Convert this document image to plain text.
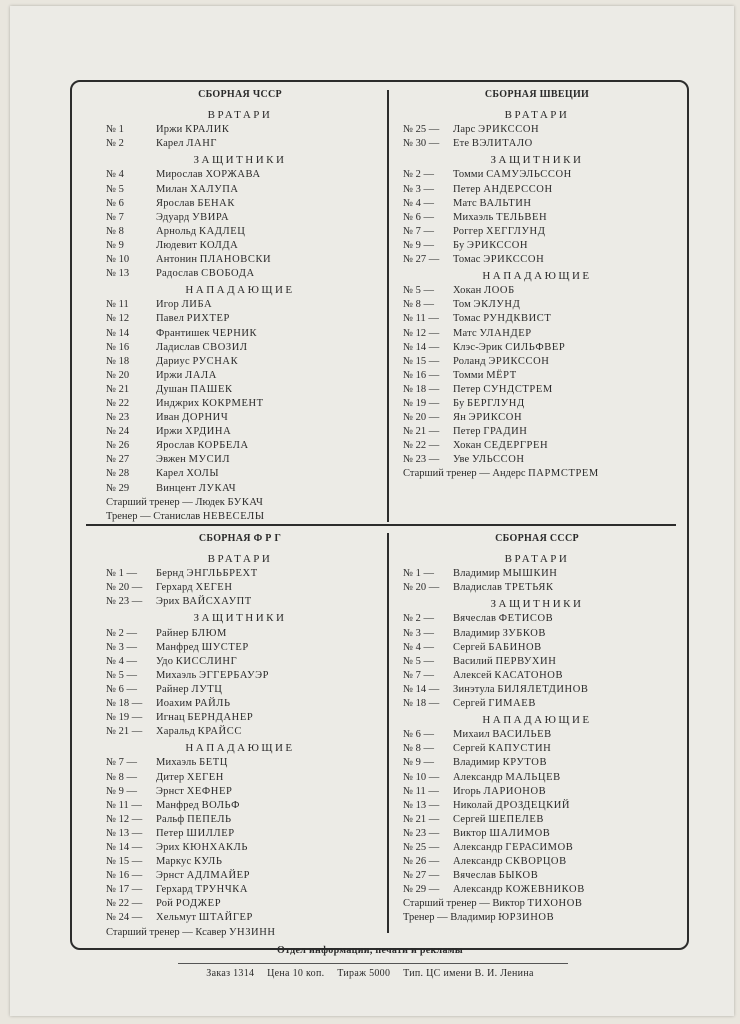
СБОРНАЯ ЧССР
ВРАТАРИ
№ 1	Иржи КРАЛИК
№ 2	Карел ЛАНГ
ЗАЩИТНИКИ
№ 4	Мирослав ХОРЖАВА
№ 5	Милан ХАЛУПА
№ 6	Ярослав БЕНАК
№ 7	Эдуард УВИРА
№ 8	Арнольд КАДЛЕЦ
№ 9	Людевит КОЛДА
№ 10	Антонин ПЛАНОВСКИ
№ 13	Радослав СВОБОДА
НАПАДАЮЩИЕ
№ 11	Игор ЛИБА
№ 12	Павел РИХТЕР
№ 14	Франтишек ЧЕРНИК
№ 16	Ладислав СВОЗИЛ
№ 18	Дариус РУСНАК
№ 20	Иржи ЛАЛА
№ 21	Душан ПАШЕК
№ 22	Инджрих КОКРМЕНТ
№ 23	Иван ДОРНИЧ
№ 24	Иржи ХРДИНА
№ 26	Ярослав КОРБЕЛА
№ 27	Эвжен МУСИЛ
№ 28	Карел ХОЛЫ
№ 29	Винцент ЛУКАЧ
Старший тренер — Людек БУКАЧ
Тренер — Станислав НЕВЕСЕЛЫ
СБОРНАЯ ШВЕЦИИ
ВРАТАРИ
№ 25 — Ларс ЭРИКССОН
№ 30 — Ете ВЭЛИТАЛО
ЗАЩИТНИКИ
№ 2 — Томми САМУЭЛЬССОН
№ 3 — Петер АНДЕРССОН
№ 4 — Матс ВАЛЬТИН
№ 6 — Михаэль ТЕЛЬВЕН
№ 7 — Роггер ХЕГГЛУНД
№ 9 — Бу ЭРИКССОН
№ 27 — Томас ЭРИКССОН
НАПАДАЮЩИЕ
№ 5 — Хокан ЛООБ
№ 8 — Том ЭКЛУНД
№ 11 — Томас РУНДКВИСТ
№ 12 — Матс УЛАНДЕР
№ 14 — Клэс-Эрик СИЛЬФВЕР
№ 15 — Роланд ЭРИКССОН
№ 16 — Томми МЁРТ
№ 18 — Петер СУНДСТРЕМ
№ 19 — Бу БЕРГЛУНД
№ 20 — Ян ЭРИКСОН
№ 21 — Петер ГРАДИН
№ 22 — Хокан СЕДЕРГРЕН
№ 23 — Уве УЛЬССОН
Старший тренер — Андерс ПАРМСТРЕМ
СБОРНАЯ Ф Р Г
ВРАТАРИ
№ 1 — Бернд ЭНГЛЬБРЕХТ
№ 20 — Герхард ХЕГЕН
№ 23 — Эрих ВАЙСХАУПТ
ЗАЩИТНИКИ
№ 2 — Райнер БЛЮМ
№ 3 — Манфред ШУСТЕР
№ 4 — Удо КИССЛИНГ
№ 5 — Михаэль ЭГГЕРБАУЭР
№ 6 — Райнер ЛУТЦ
№ 18 — Иоахим РАЙЛЬ
№ 19 — Игнац БЕРНДАНЕР
№ 21 — Харальд КРАЙСС
НАПАДАЮЩИЕ
№ 7 — Михаэль БЕТЦ
№ 8 — Дитер ХЕГЕН
№ 9 — Эрнст ХЕФНЕР
№ 11 — Манфред ВОЛЬФ
№ 12 — Ральф ПЕПЕЛЬ
№ 13 — Петер ШИЛЛЕР
№ 14 — Эрих КЮНХАКЛЬ
№ 15 — Маркус КУЛЬ
№ 16 — Эрнст АДЛМАЙЕР
№ 17 — Герхард ТРУНЧКА
№ 22 — Рой РОДЖЕР
№ 24 — Хельмут ШТАЙГЕР
Старший тренер — Ксавер УНЗИНН
СБОРНАЯ СССР
ВРАТАРИ
№ 1 — Владимир МЫШКИН
№ 20 — Владислав ТРЕТЬЯК
ЗАЩИТНИКИ
№ 2 — Вячеслав ФЕТИСОВ
№ 3 — Владимир ЗУБКОВ
№ 4 — Сергей БАБИНОВ
№ 5 — Василий ПЕРВУХИН
№ 7 — Алексей КАСАТОНОВ
№ 14 — Зинэтула БИЛЯЛЕТДИНОВ
№ 18 — Сергей ГИМАЕВ
НАПАДАЮЩИЕ
№ 6 — Михаил ВАСИЛЬЕВ
№ 8 — Сергей КАПУСТИН
№ 9 — Владимир КРУТОВ
№ 10 — Александр МАЛЬЦЕВ
№ 11 — Игорь ЛАРИОНОВ
№ 13 — Николай ДРОЗДЕЦКИЙ
№ 21 — Сергей ШЕПЕЛЕВ
№ 23 — Виктор ШАЛИМОВ
№ 25 — Александр ГЕРАСИМОВ
№ 26 — Александр СКВОРЦОВ
№ 27 — Вячеслав БЫКОВ
№ 29 — Александр КОЖЕВНИКОВ
Старший тренер — Виктор ТИХОНОВ
Тренер — Владимир ЮРЗИНОВ
Отдел информации, печати и рекламы
Заказ 1314 Цена 10 коп. Тираж 5000 Тип. ЦС имени В. И. Ленина
